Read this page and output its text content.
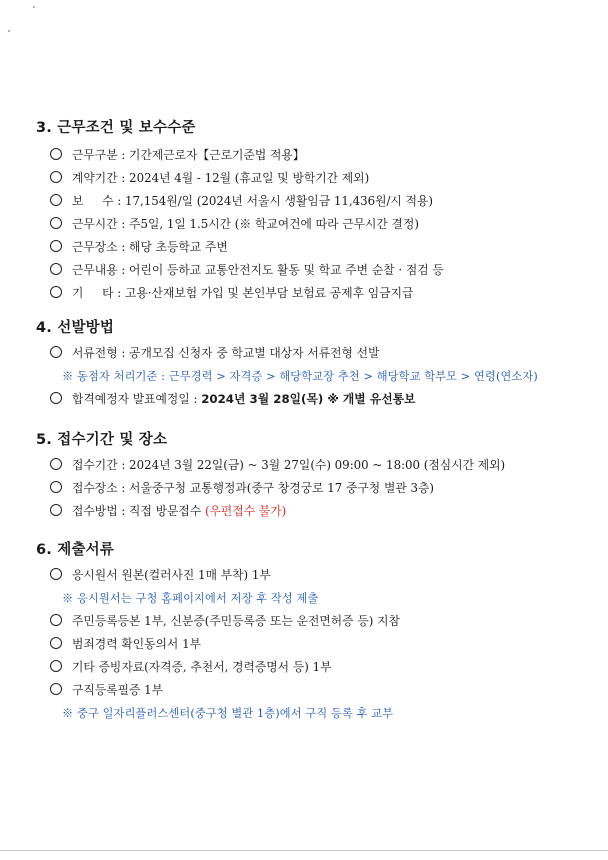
3. 근무조건 및 보수수준
근무구분 : 기간제근로자【근로기준법 적용】
계약기간 : 2024년 4월 - 12월 (휴교일 및 방학기간 제외)
보     수 : 17,154원/일 (2024년 서울시 생활임금 11,436원/시 적용)
근무시간 : 주5일, 1일 1.5시간 (※ 학교여건에 따라 근무시간 결정)
근무장소 : 해당 초등학교 주변
근무내용 : 어린이 등하교 교통안전지도 활동 및 학교 주변 순찰 · 점검 등
기     타 : 고용·산재보험 가입 및 본인부담 보험료 공제후 임금지급
4. 선발방법
서류전형 : 공개모집 신청자 중 학교별 대상자 서류전형 선발
※ 동점자 처리기준 : 근무경력 > 자격증 > 해당학교장 추천 > 해당학교 학부모 > 연령(연소자)
합격예정자 발표예정일 : 2024년 3월 28일(목) ※ 개별 유선통보
5. 접수기간 및 장소
접수기간 : 2024년 3월 22일(금) ~ 3월 27일(수) 09:00 ~ 18:00 (점심시간 제외)
접수장소 : 서울중구청 교통행정과(중구 창경궁로 17 중구청 별관 3층)
접수방법 : 직접 방문접수 (우편접수 불가)
6. 제출서류
응시원서 원본(컬러사진 1매 부착) 1부
※ 응시원서는 구청 홈페이지에서 저장 후 작성 제출
주민등록등본 1부, 신분증(주민등록증 또는 운전면허증 등) 지참
범죄경력 확인동의서 1부
기타 증빙자료(자격증, 추천서, 경력증명서 등) 1부
구직등록필증 1부
※ 중구 일자리플러스센터(중구청 별관 1층)에서 구직 등록 후 교부
